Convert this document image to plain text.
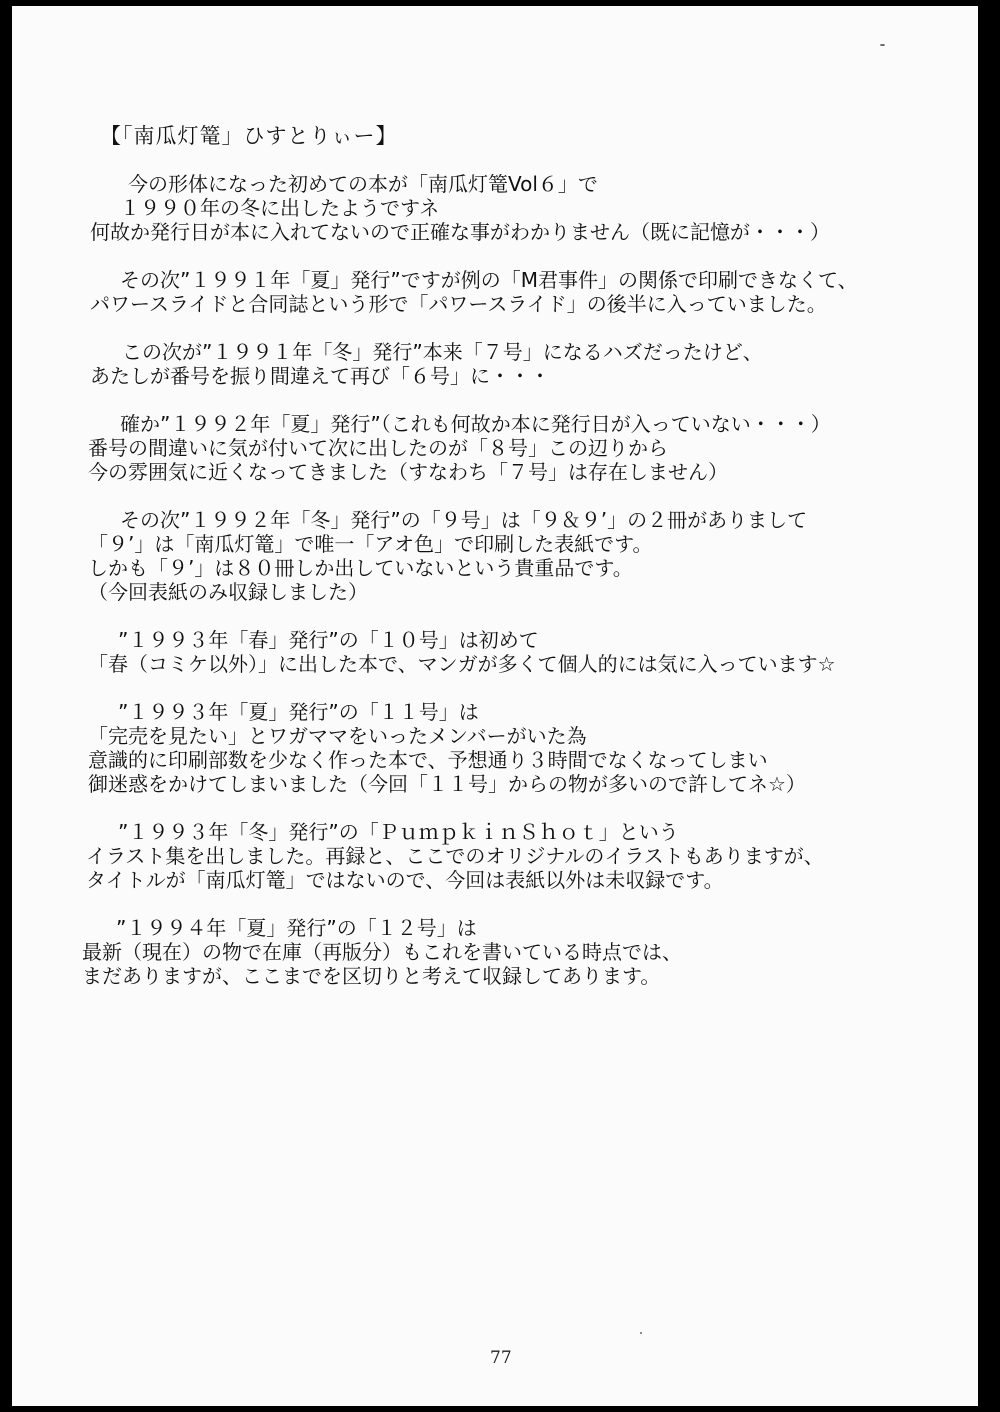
【「南瓜灯篭」ひすとりぃー】
　今の形体になった初めての本が「南瓜灯篭Vol６」で
１９９０年の冬に出したようですネ
何故か発行日が本に入れてないので正確な事がわかりません（既に記憶が・・・）
　その次”１９９１年「夏」発行”ですが例の「M君事件」の関係で印刷できなくて、
パワースライドと合同誌という形で「パワースライド」の後半に入っていました。
　この次が”１９９１年「冬」発行”本来「７号」になるハズだったけど、
あたしが番号を振り間違えて再び「６号」に・・・
　確か”１９９２年「夏」発行”（これも何故か本に発行日が入っていない・・・）
番号の間違いに気が付いて次に出したのが「８号」この辺りから
今の雰囲気に近くなってきました（すなわち「７号」は存在しません）
　その次”１９９２年「冬」発行”の「９号」は「９＆９’」の２冊がありまして
「９’」は「南瓜灯篭」で唯一「アオ色」で印刷した表紙です。
しかも「９’」は８０冊しか出していないという貴重品です。
（今回表紙のみ収録しました）
　”１９９３年「春」発行”の「１０号」は初めて
「春（コミケ以外）」に出した本で、マンガが多くて個人的には気に入っています☆
　”１９９３年「夏」発行”の「１１号」は
「完売を見たい」とワガママをいったメンバーがいた為
意識的に印刷部数を少なく作った本で、予想通り３時間でなくなってしまい
御迷惑をかけてしまいました（今回「１１号」からの物が多いので許してネ☆）
　”１９９３年「冬」発行”の「ＰｕｍｐｋｉｎＳｈｏｔ」という
イラスト集を出しました。再録と、ここでのオリジナルのイラストもありますが、
タイトルが「南瓜灯篭」ではないので、今回は表紙以外は未収録です。
　”１９９４年「夏」発行”の「１２号」は
最新（現在）の物で在庫（再版分）もこれを書いている時点では、
まだありますが、ここまでを区切りと考えて収録してあります。
77
